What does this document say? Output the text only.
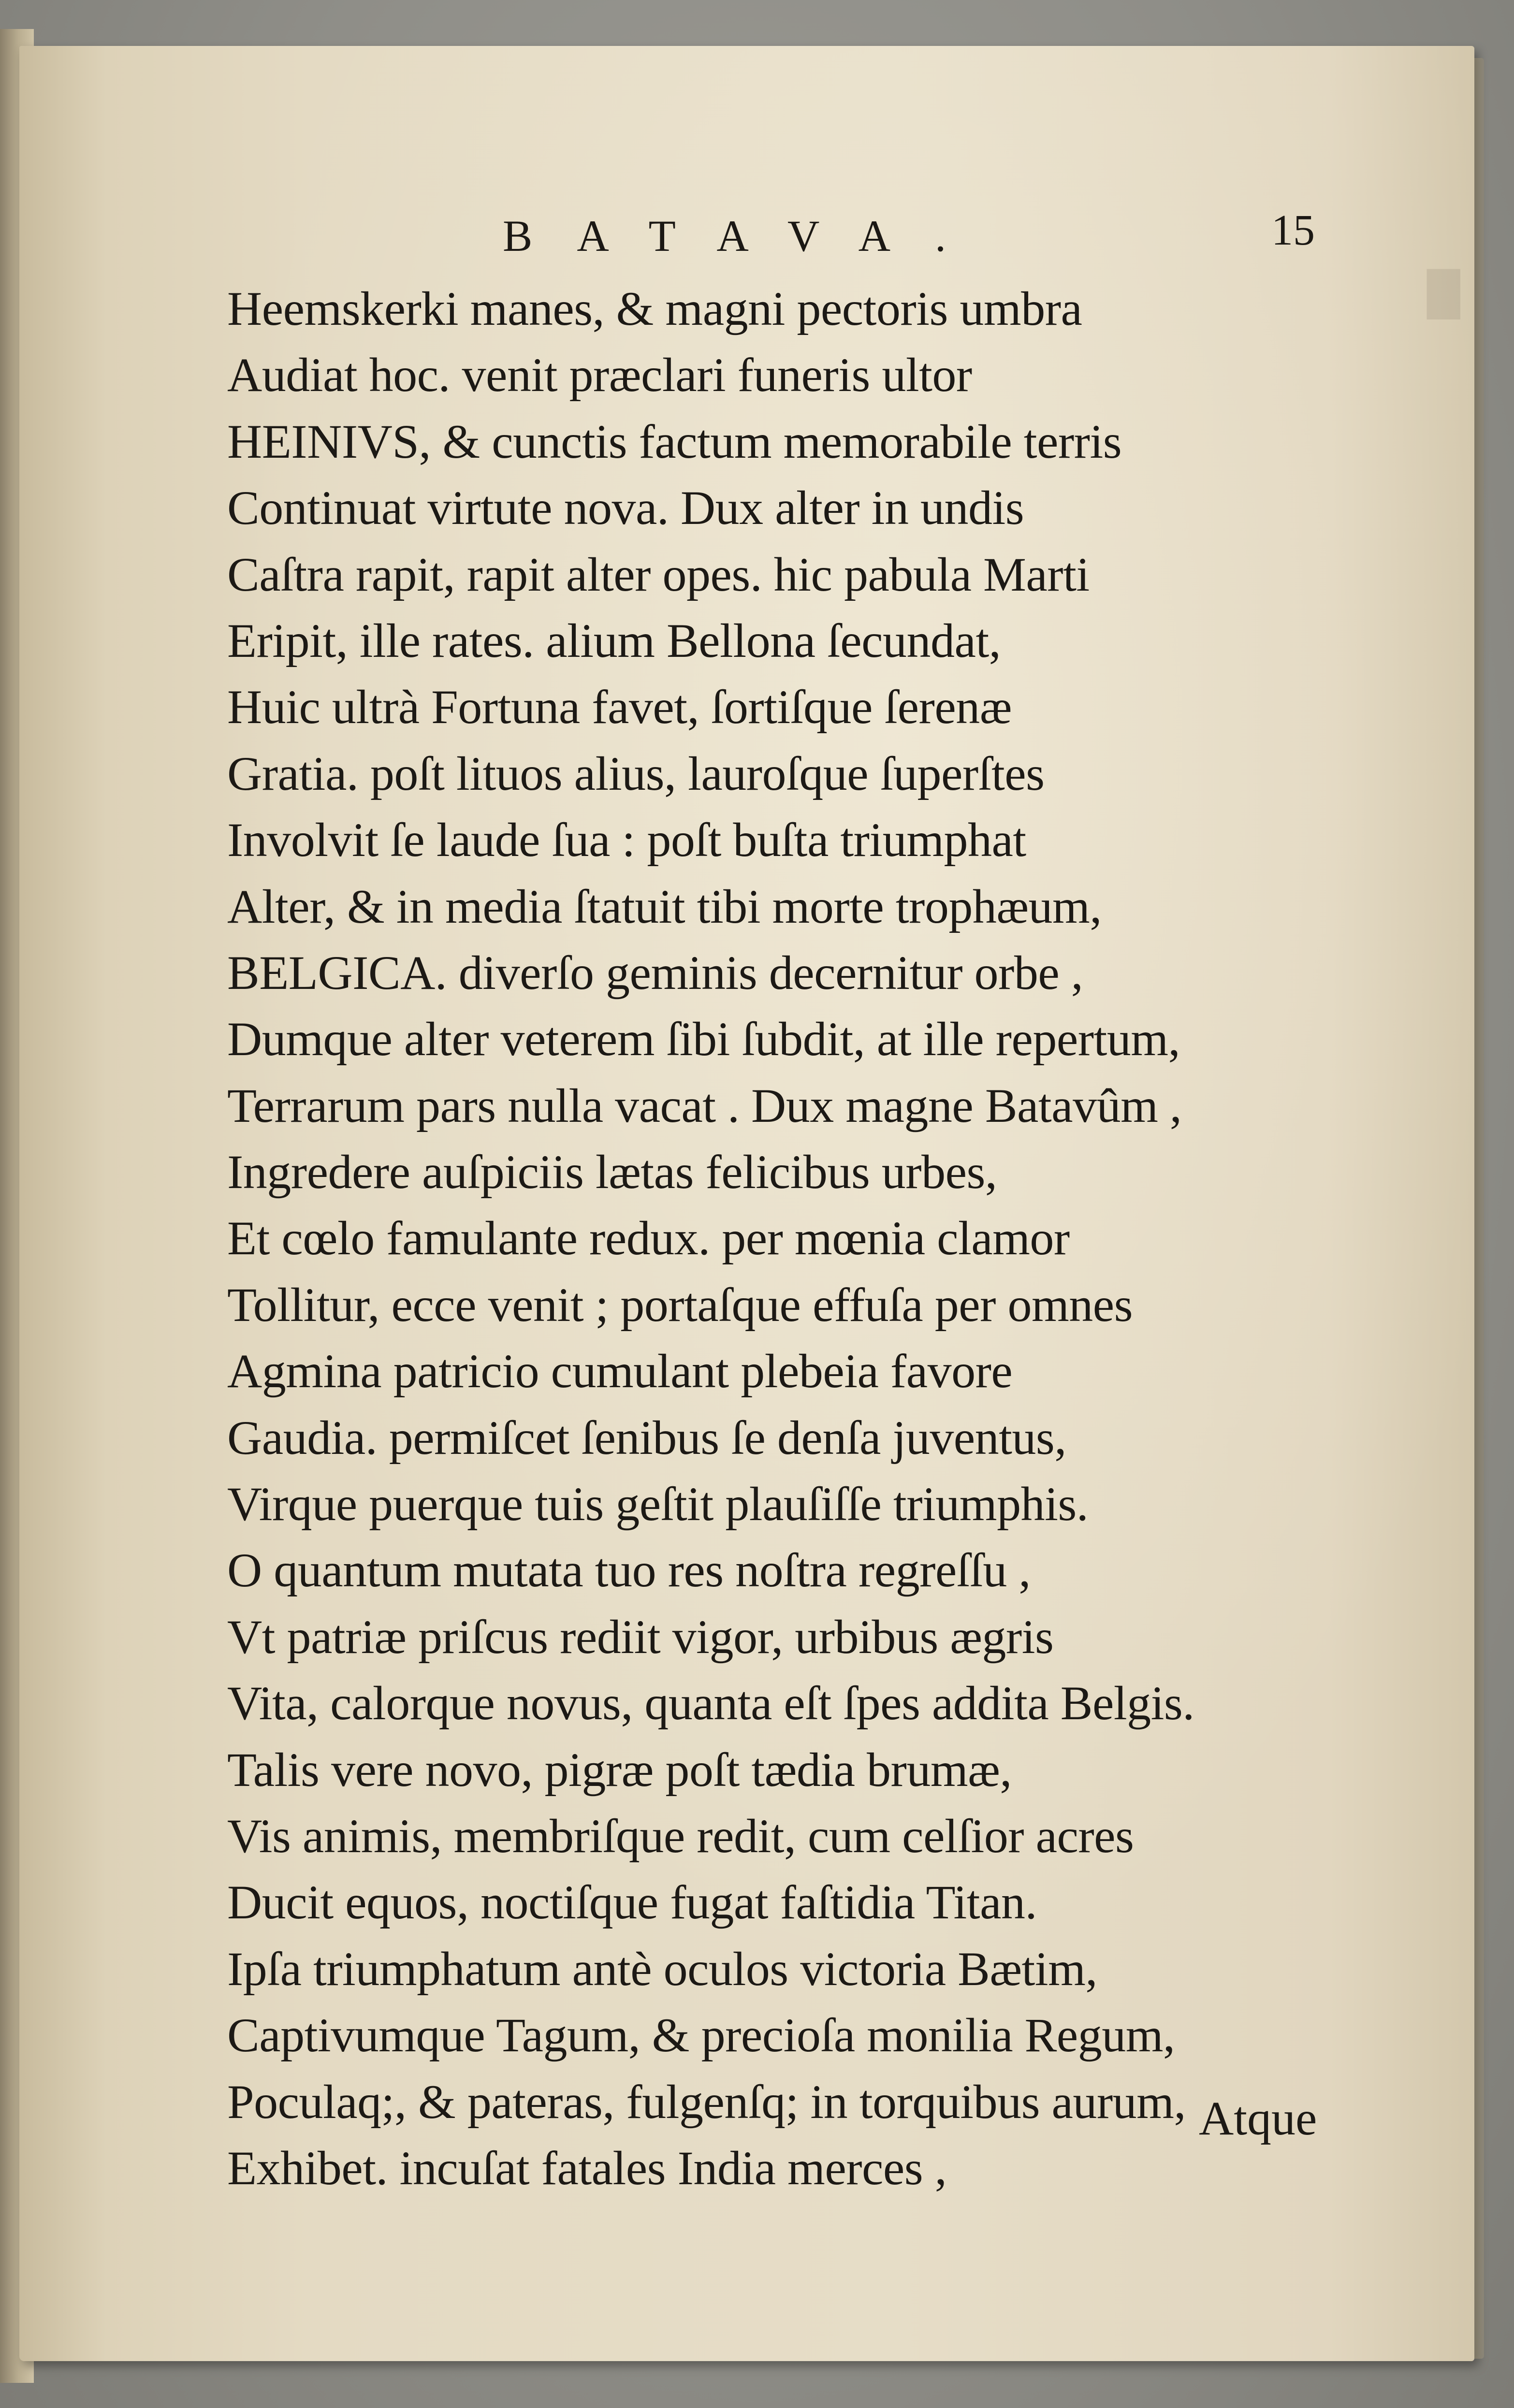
█
BATAVA.	15
Heemskerki manes, & magni pectoris umbra
Audiat hoc. venit præclari funeris ultor
HEINIVS, & cunctis factum memorabile terris
Continuat virtute nova. Dux alter in undis
Caſtra rapit, rapit alter opes. hic pabula Marti
Eripit, ille rates. alium Bellona ſecundat,
Huic ultrà Fortuna favet, ſortiſque ſerenæ
Gratia. poſt lituos alius, lauroſque ſuperſtes
Involvit ſe laude ſua : poſt buſta triumphat
Alter, & in media ſtatuit tibi morte trophæum,
BELGICA. diverſo geminis decernitur orbe ,
Dumque alter veterem ſibi ſubdit, at ille repertum,
Terrarum pars nulla vacat . Dux magne Batavûm ,
Ingredere auſpiciis lætas felicibus urbes,
Et cœlo famulante redux. per mœnia clamor
Tollitur, ecce venit ; portaſque effuſa per omnes
Agmina patricio cumulant plebeia favore
Gaudia. permiſcet ſenibus ſe denſa juventus,
Virque puerque tuis geſtit plauſiſſe triumphis.
O quantum mutata tuo res noſtra regreſſu ,
Vt patriæ priſcus rediit vigor, urbibus ægris
Vita, calorque novus, quanta eſt ſpes addita Belgis.
Talis vere novo, pigræ poſt tædia brumæ,
Vis animis, membriſque redit, cum celſior acres
Ducit equos, noctiſque fugat faſtidia Titan.
Ipſa triumphatum antè oculos victoria Bætim,
Captivumque Tagum, & precioſa monilia Regum,
Poculaq;, & pateras, fulgenſq; in torquibus aurum,
Exhibet. incuſat fatales India merces ,
Atque
